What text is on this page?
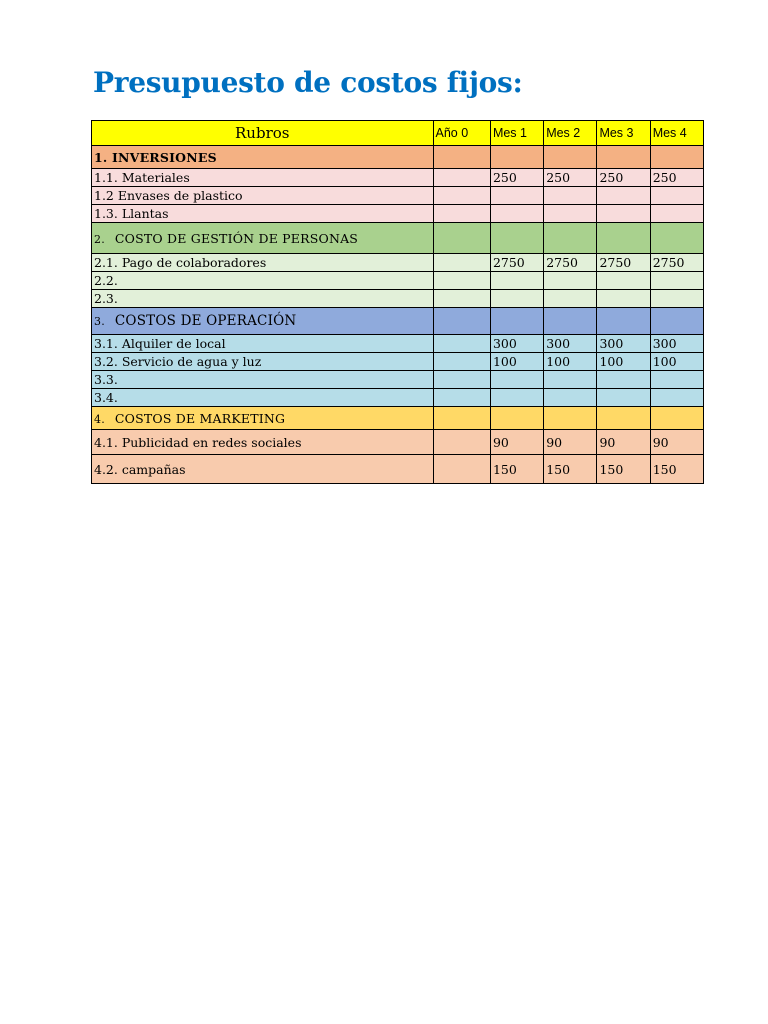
Presupuesto de costos fijos:
Rubros	Año 0	Mes 1	Mes 2	Mes 3	Mes 4
1. INVERSIONES					
1.1. Materiales		250	250	250	250
1.2 Envases de plastico					
1.3. Llantas					
2. COSTO DE GESTIÓN DE PERSONAS					
2.1. Pago de colaboradores		2750	2750	2750	2750
2.2.					
2.3.					
3. COSTOS DE OPERACIÓN					
3.1. Alquiler de local		300	300	300	300
3.2. Servicio de agua y luz		100	100	100	100
3.3.					
3.4.					
4. COSTOS DE MARKETING					
4.1. Publicidad en redes sociales		90	90	90	90
4.2. campañas		150	150	150	150
